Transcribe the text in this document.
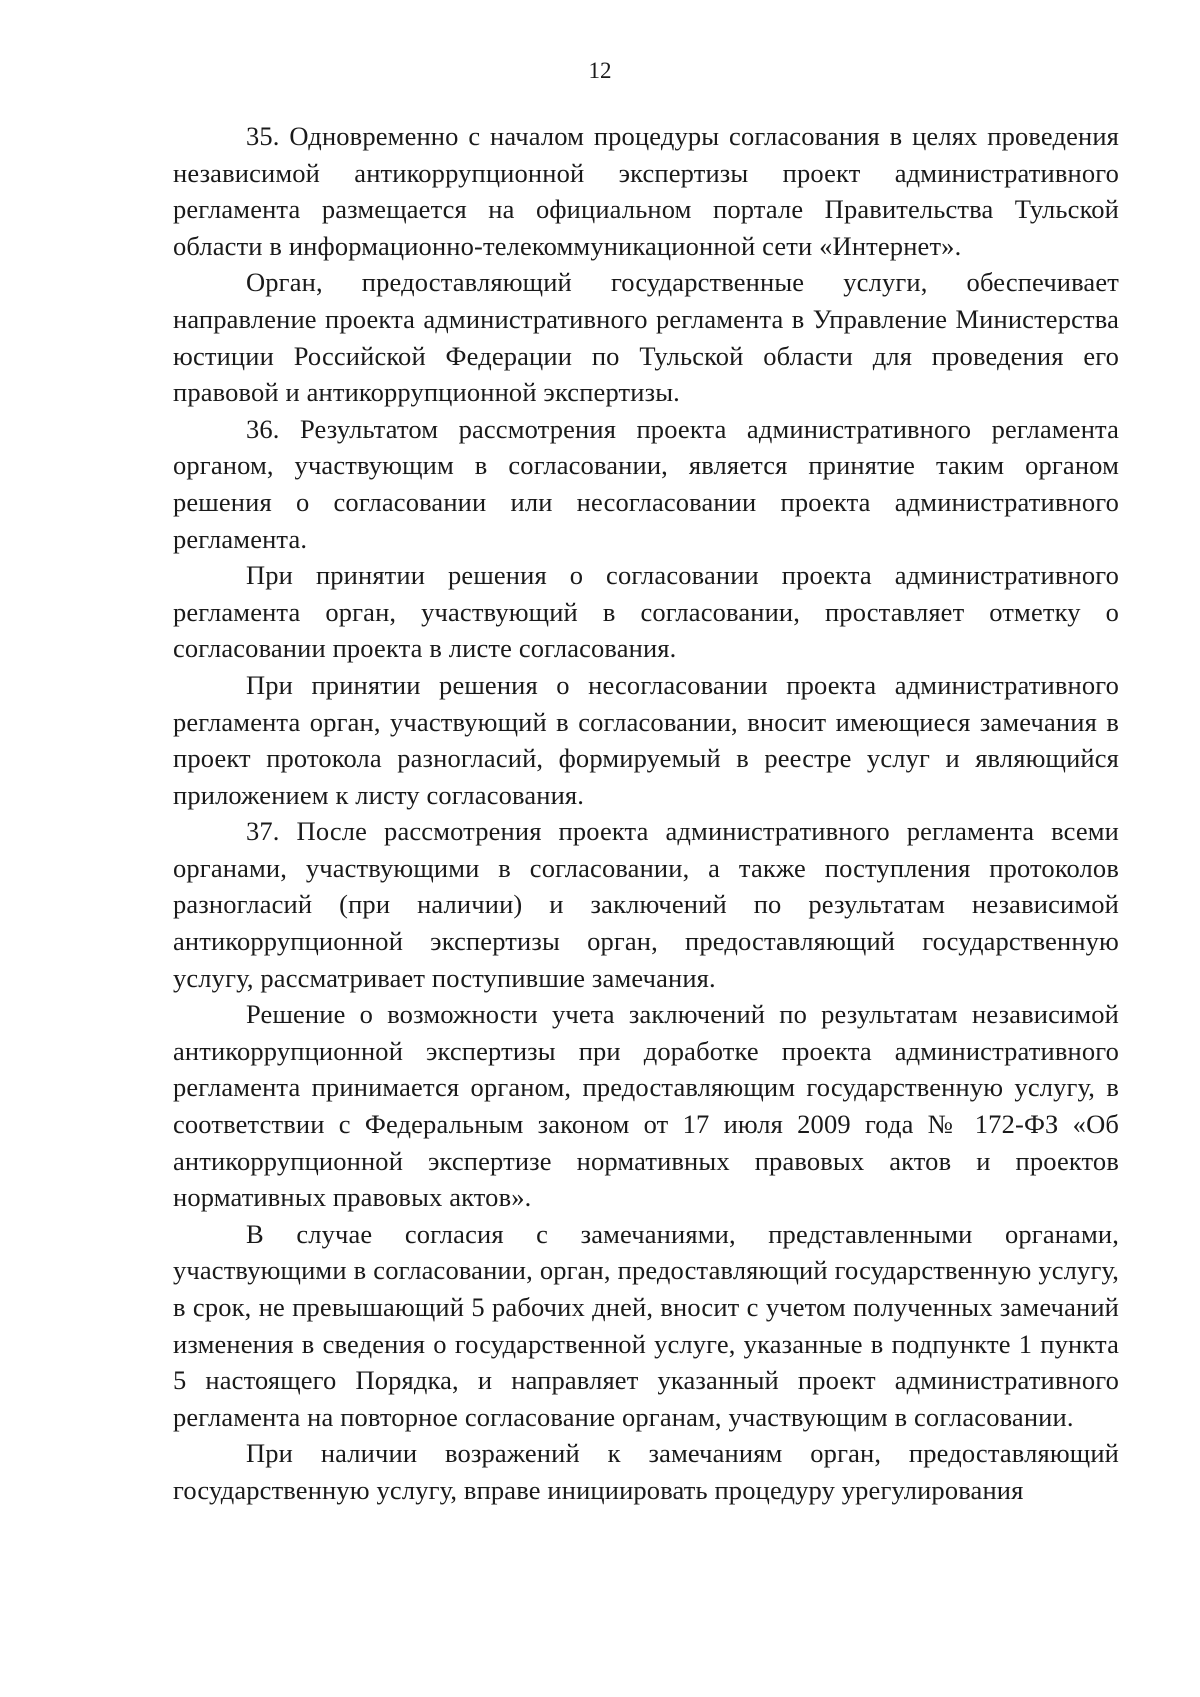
12

35. Одновременно с началом процедуры согласования в целях проведения независимой антикоррупционной экспертизы проект административного регламента размещается на официальном портале Правительства Тульской области в информационно-телекоммуникационной сети «Интернет».

Орган, предоставляющий государственные услуги, обеспечивает направление проекта административного регламента в Управление Министерства юстиции Российской Федерации по Тульской области для проведения его правовой и антикоррупционной экспертизы.

36. Результатом рассмотрения проекта административного регламента органом, участвующим в согласовании, является принятие таким органом решения о согласовании или несогласовании проекта административного регламента.

При принятии решения о согласовании проекта административного регламента орган, участвующий в согласовании, проставляет отметку о согласовании проекта в листе согласования.

При принятии решения о несогласовании проекта административного регламента орган, участвующий в согласовании, вносит имеющиеся замечания в проект протокола разногласий, формируемый в реестре услуг и являющийся приложением к листу согласования.

37. После рассмотрения проекта административного регламента всеми органами, участвующими в согласовании, а также поступления протоколов разногласий (при наличии) и заключений по результатам независимой антикоррупционной экспертизы орган, предоставляющий государственную услугу, рассматривает поступившие замечания.

Решение о возможности учета заключений по результатам независимой антикоррупционной экспертизы при доработке проекта административного регламента принимается органом, предоставляющим государственную услугу, в соответствии с Федеральным законом от 17 июля 2009 года № 172-ФЗ «Об антикоррупционной экспертизе нормативных правовых актов и проектов нормативных правовых актов».

В случае согласия с замечаниями, представленными органами, участвующими в согласовании, орган, предоставляющий государственную услугу, в срок, не превышающий 5 рабочих дней, вносит с учетом полученных замечаний изменения в сведения о государственной услуге, указанные в подпункте 1 пункта 5 настоящего Порядка, и направляет указанный проект административного регламента на повторное согласование органам, участвующим в согласовании.

При наличии возражений к замечаниям орган, предоставляющий государственную услугу, вправе инициировать процедуру урегулирования
